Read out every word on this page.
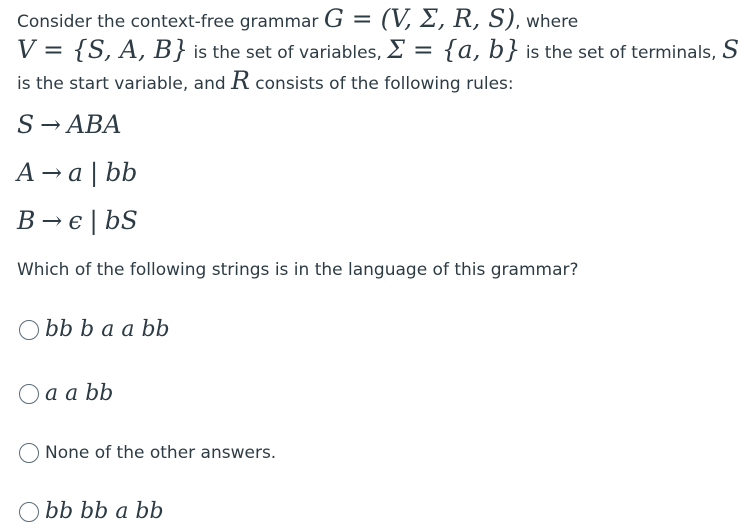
Consider the context-free grammar G = (V, Σ, R, S), where
V = {S, A, B} is the set of variables, Σ = {a, b} is the set of terminals, S
is the start variable, and R consists of the following rules:

S → ABA
A → a | bb
B → ϵ | bS

Which of the following strings is in the language of this grammar?

bb b a a bb
a a bb
None of the other answers.
bb bb a bb
